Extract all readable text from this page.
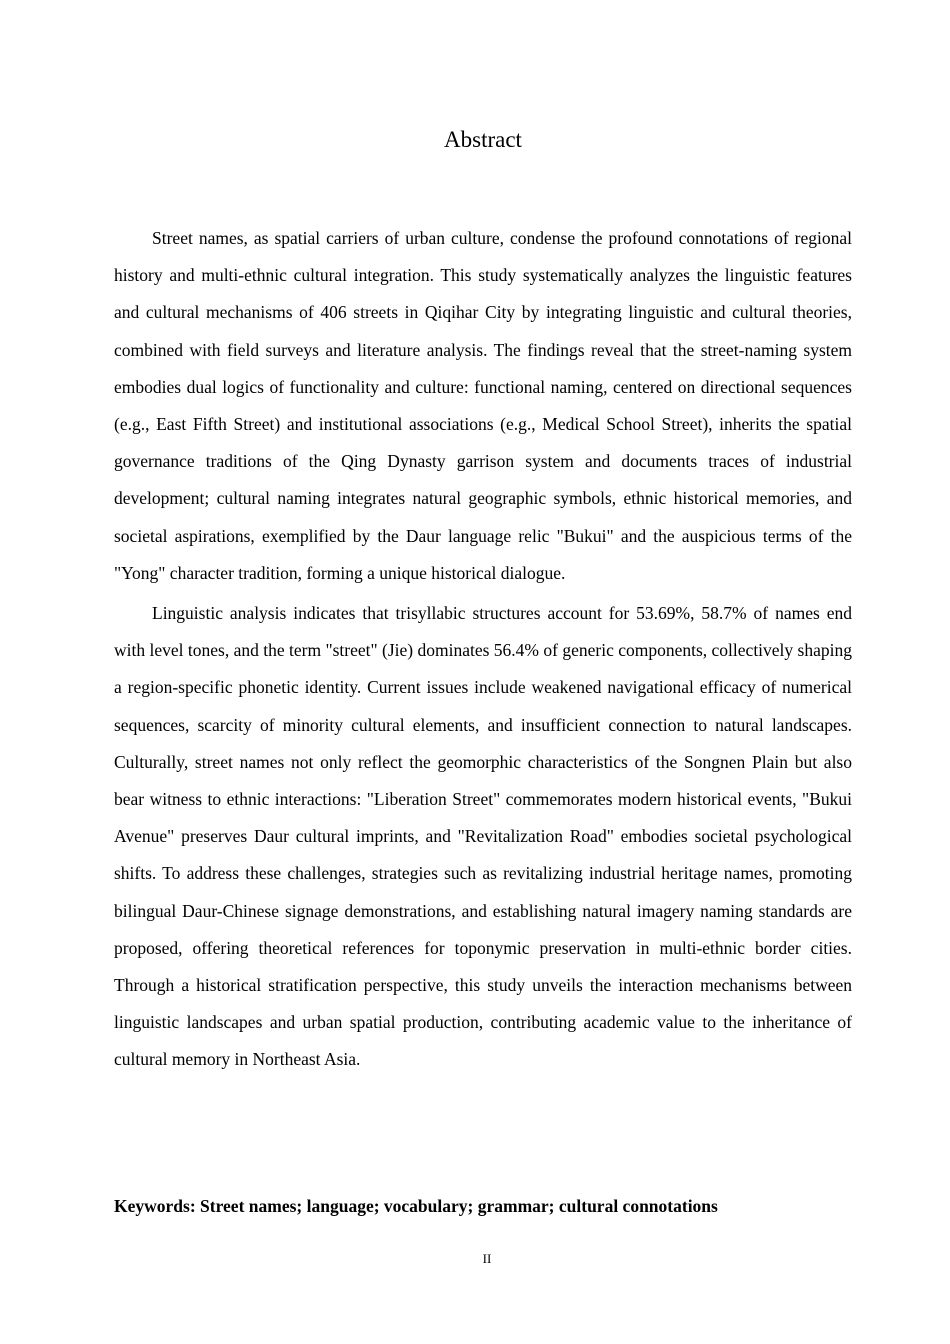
Abstract

Street names, as spatial carriers of urban culture, condense the profound connotations of regional history and multi-ethnic cultural integration. This study systematically analyzes the linguistic features and cultural mechanisms of 406 streets in Qiqihar City by integrating linguistic and cultural theories, combined with field surveys and literature analysis. The findings reveal that the street-naming system embodies dual logics of functionality and culture: functional naming, centered on directional sequences (e.g., East Fifth Street) and institutional associations (e.g., Medical School Street), inherits the spatial governance traditions of the Qing Dynasty garrison system and documents traces of industrial development; cultural naming integrates natural geographic symbols, ethnic historical memories, and societal aspirations, exemplified by the Daur language relic "Bukui" and the auspicious terms of the "Yong" character tradition, forming a unique historical dialogue.

Linguistic analysis indicates that trisyllabic structures account for 53.69%, 58.7% of names end with level tones, and the term "street" (Jie) dominates 56.4% of generic components, collectively shaping a region-specific phonetic identity. Current issues include weakened navigational efficacy of numerical sequences, scarcity of minority cultural elements, and insufficient connection to natural landscapes. Culturally, street names not only reflect the geomorphic characteristics of the Songnen Plain but also bear witness to ethnic interactions: "Liberation Street" commemorates modern historical events, "Bukui Avenue" preserves Daur cultural imprints, and "Revitalization Road" embodies societal psychological shifts. To address these challenges, strategies such as revitalizing industrial heritage names, promoting bilingual Daur-Chinese signage demonstrations, and establishing natural imagery naming standards are proposed, offering theoretical references for toponymic preservation in multi-ethnic border cities. Through a historical stratification perspective, this study unveils the interaction mechanisms between linguistic landscapes and urban spatial production, contributing academic value to the inheritance of cultural memory in Northeast Asia.

Keywords: Street names; language; vocabulary; grammar; cultural connotations

II
